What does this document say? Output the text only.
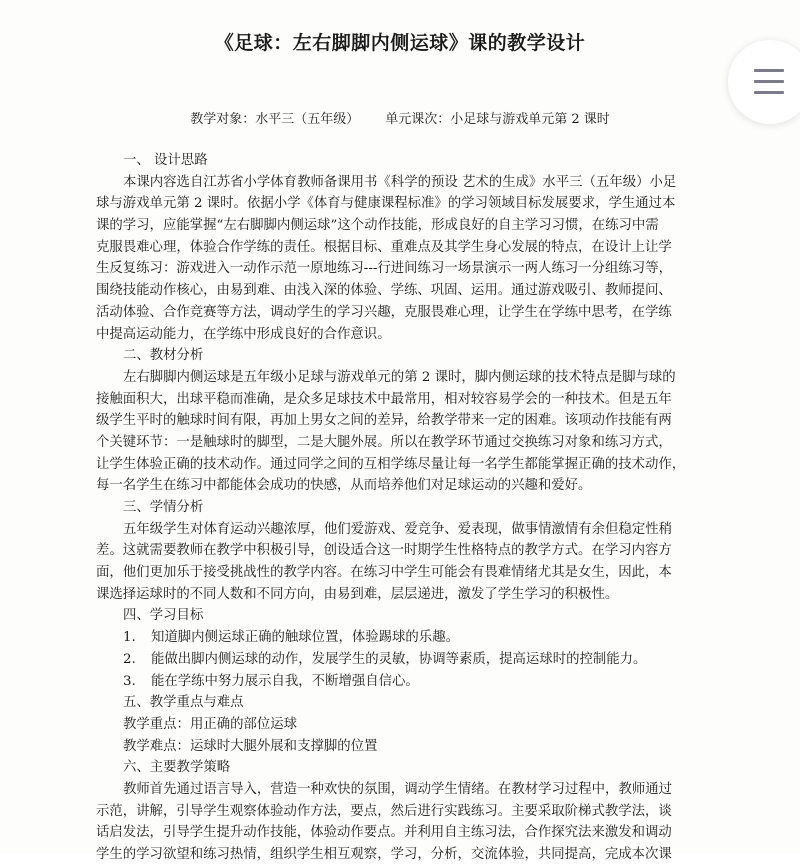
《足球：左右脚脚内侧运球》课的教学设计
教学对象：水平三（五年级） 单元课次：小足球与游戏单元第 2 课时
一、 设计思路
本课内容选自江苏省小学体育教师备课用书《科学的预设 艺术的生成》水平三（五年级）小足
球与游戏单元第 2 课时。依据小学《体育与健康课程标准》的学习领域目标发展要求，学生通过本
课的学习，应能掌握“左右脚脚内侧运球”这个动作技能，形成良好的自主学习习惯，在练习中需
克服畏难心理，体验合作学练的责任。根据目标、重难点及其学生身心发展的特点，在设计上让学
生反复练习：游戏进入一动作示范一原地练习---行进间练习一场景演示一两人练习一分组练习等，
围绕技能动作核心，由易到难、由浅入深的体验、学练、巩固、运用。通过游戏吸引、教师提问、
活动体验、合作竞赛等方法，调动学生的学习兴趣，克服畏难心理，让学生在学练中思考，在学练
中提高运动能力，在学练中形成良好的合作意识。
二、教材分析
左右脚脚内侧运球是五年级小足球与游戏单元的第 2 课时，脚内侧运球的技术特点是脚与球的
接触面积大，出球平稳而准确，是众多足球技术中最常用，相对较容易学会的一种技术。但是五年
级学生平时的触球时间有限，再加上男女之间的差异，给教学带来一定的困难。该项动作技能有两
个关键环节：一是触球时的脚型，二是大腿外展。所以在教学环节通过交换练习对象和练习方式，
让学生体验正确的技术动作。通过同学之间的互相学练尽量让每一名学生都能掌握正确的技术动作，
每一名学生在练习中都能体会成功的快感，从而培养他们对足球运动的兴趣和爱好。
三、学情分析
五年级学生对体育运动兴趣浓厚，他们爱游戏、爱竞争、爱表现，做事情激情有余但稳定性稍
差。这就需要教师在教学中积极引导，创设适合这一时期学生性格特点的教学方式。在学习内容方
面，他们更加乐于接受挑战性的教学内容。在练习中学生可能会有畏难情绪尤其是女生，因此，本
课选择运球时的不同人数和不同方向，由易到难，层层递进，激发了学生学习的积极性。
四、学习目标
1. 知道脚内侧运球正确的触球位置，体验踢球的乐趣。
2. 能做出脚内侧运球的动作，发展学生的灵敏，协调等素质，提高运球时的控制能力。
3. 能在学练中努力展示自我，不断增强自信心。
五、教学重点与难点
教学重点：用正确的部位运球
教学难点：运球时大腿外展和支撑脚的位置
六、主要教学策略
教师首先通过语言导入，营造一种欢快的氛围，调动学生情绪。在教材学习过程中，教师通过
示范，讲解，引导学生观察体验动作方法，要点，然后进行实践练习。主要采取阶梯式教学法，谈
话启发法，引导学生提升动作技能，体验动作要点。并利用自主练习法，合作探究法来激发和调动
学生的学习欲望和练习热情，组织学生相互观察，学习，分析，交流体验，共同提高，完成本次课
